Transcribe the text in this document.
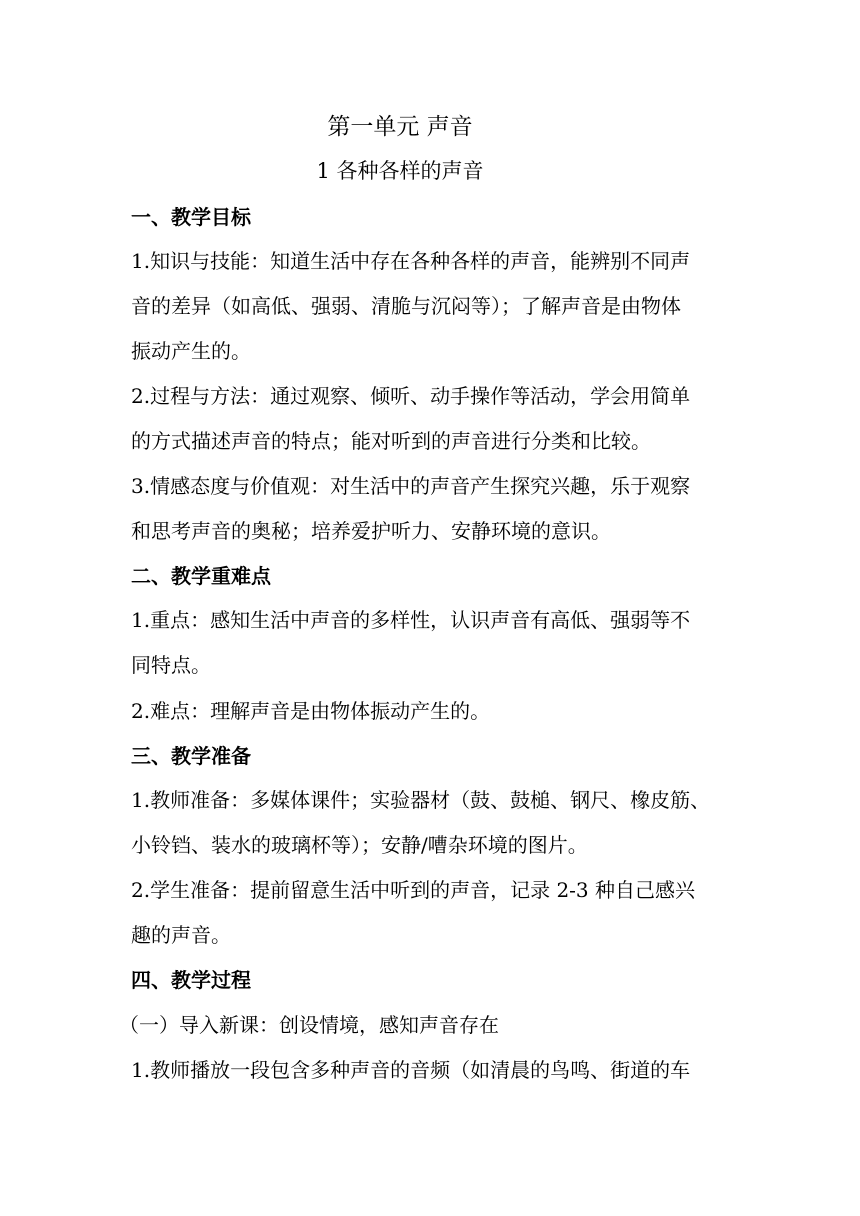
第一单元 声音
1 各种各样的声音
一、教学目标
1.知识与技能：知道生活中存在各种各样的声音，能辨别不同声
音的差异（如高低、强弱、清脆与沉闷等）；了解声音是由物体
振动产生的。
2.过程与方法：通过观察、倾听、动手操作等活动，学会用简单
的方式描述声音的特点；能对听到的声音进行分类和比较。
3.情感态度与价值观：对生活中的声音产生探究兴趣，乐于观察
和思考声音的奥秘；培养爱护听力、安静环境的意识。
二、教学重难点
1.重点：感知生活中声音的多样性，认识声音有高低、强弱等不
同特点。
2.难点：理解声音是由物体振动产生的。
三、教学准备
1.教师准备：多媒体课件；实验器材（鼓、鼓槌、钢尺、橡皮筋、
小铃铛、装水的玻璃杯等）；安静/嘈杂环境的图片。
2.学生准备：提前留意生活中听到的声音，记录 2-3 种自己感兴
趣的声音。
四、教学过程
（一）导入新课：创设情境，感知声音存在
1.教师播放一段包含多种声音的音频（如清晨的鸟鸣、街道的车
